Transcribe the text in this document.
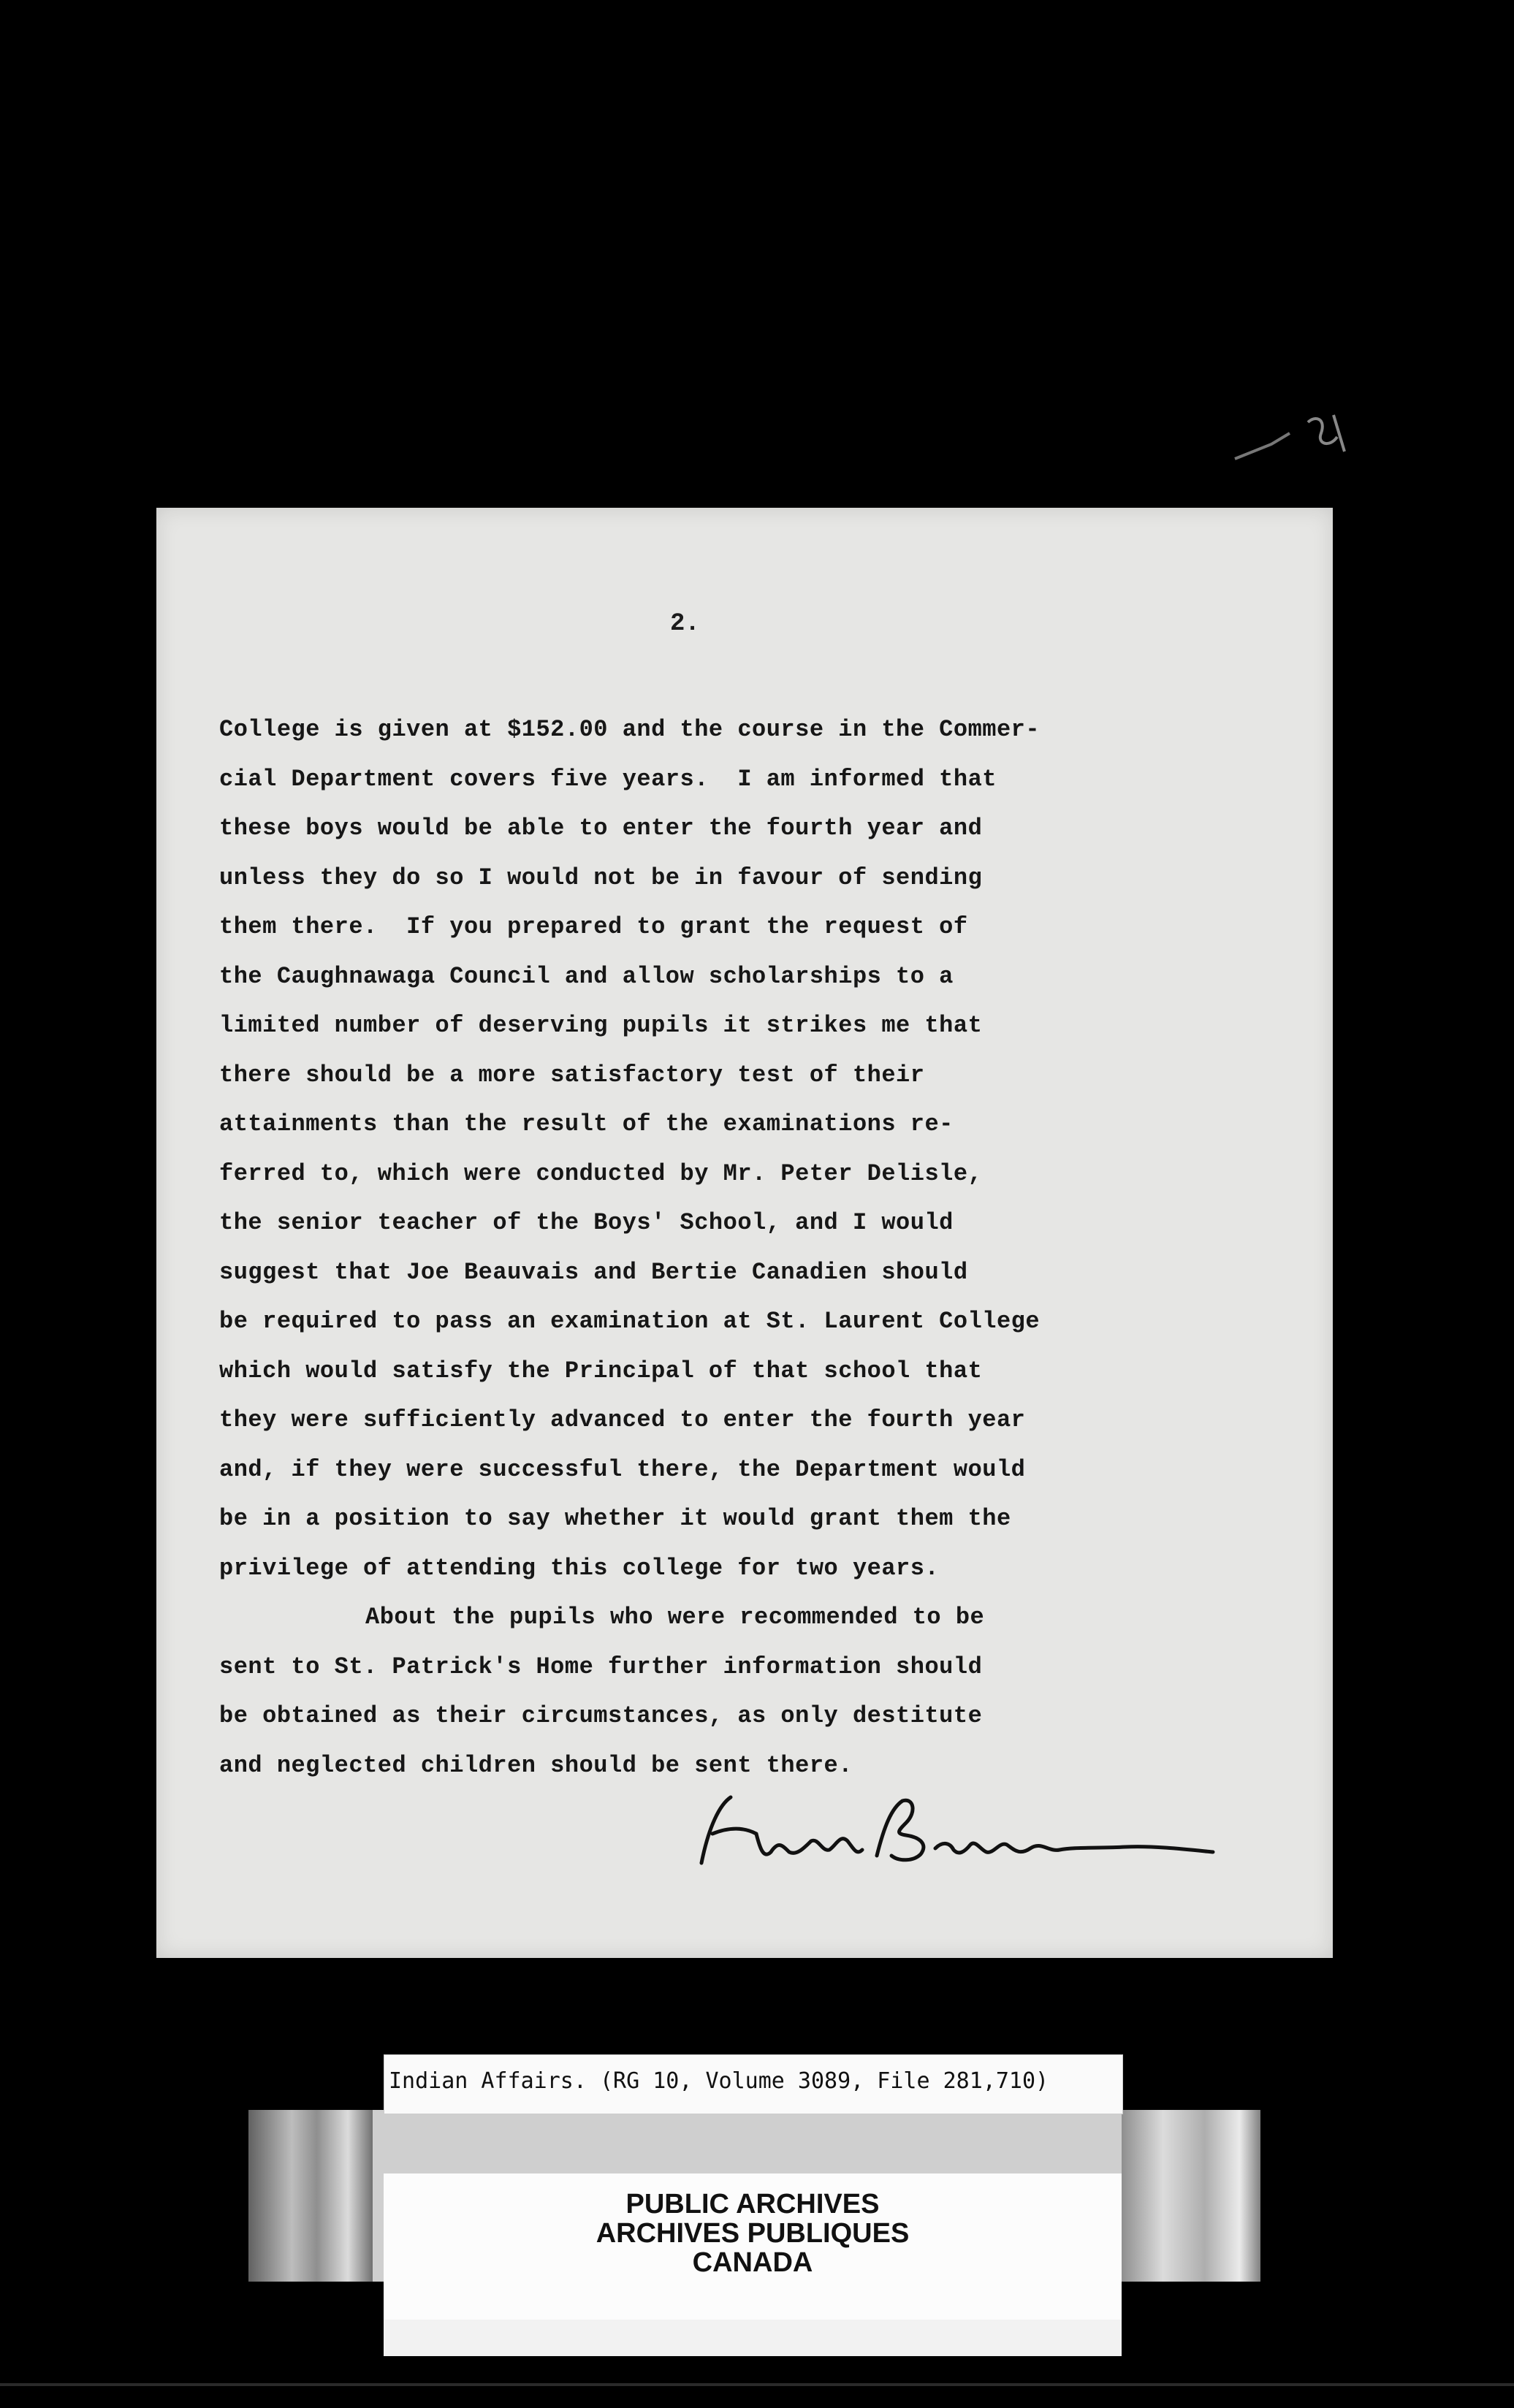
2.

College is given at $152.00 and the course in the Commer-

cial Department covers five years.  I am informed that

these boys would be able to enter the fourth year and

unless they do so I would not be in favour of sending

them there.  If you prepared to grant the request of

the Caughnawaga Council and allow scholarships to a

limited number of deserving pupils it strikes me that

there should be a more satisfactory test of their

attainments than the result of the examinations re-

ferred to, which were conducted by Mr. Peter Delisle,

the senior teacher of the Boys' School, and I would

suggest that Joe Beauvais and Bertie Canadien should

be required to pass an examination at St. Laurent College

which would satisfy the Principal of that school that

they were sufficiently advanced to enter the fourth year

and, if they were successful there, the Department would

be in a position to say whether it would grant them the

privilege of attending this college for two years.

About the pupils who were recommended to be

sent to St. Patrick's Home further information should

be obtained as their circumstances, as only destitute

and neglected children should be sent there.

Indian Affairs. (RG 10, Volume 3089, File 281,710)

PUBLIC ARCHIVES

ARCHIVES PUBLIQUES

CANADA
